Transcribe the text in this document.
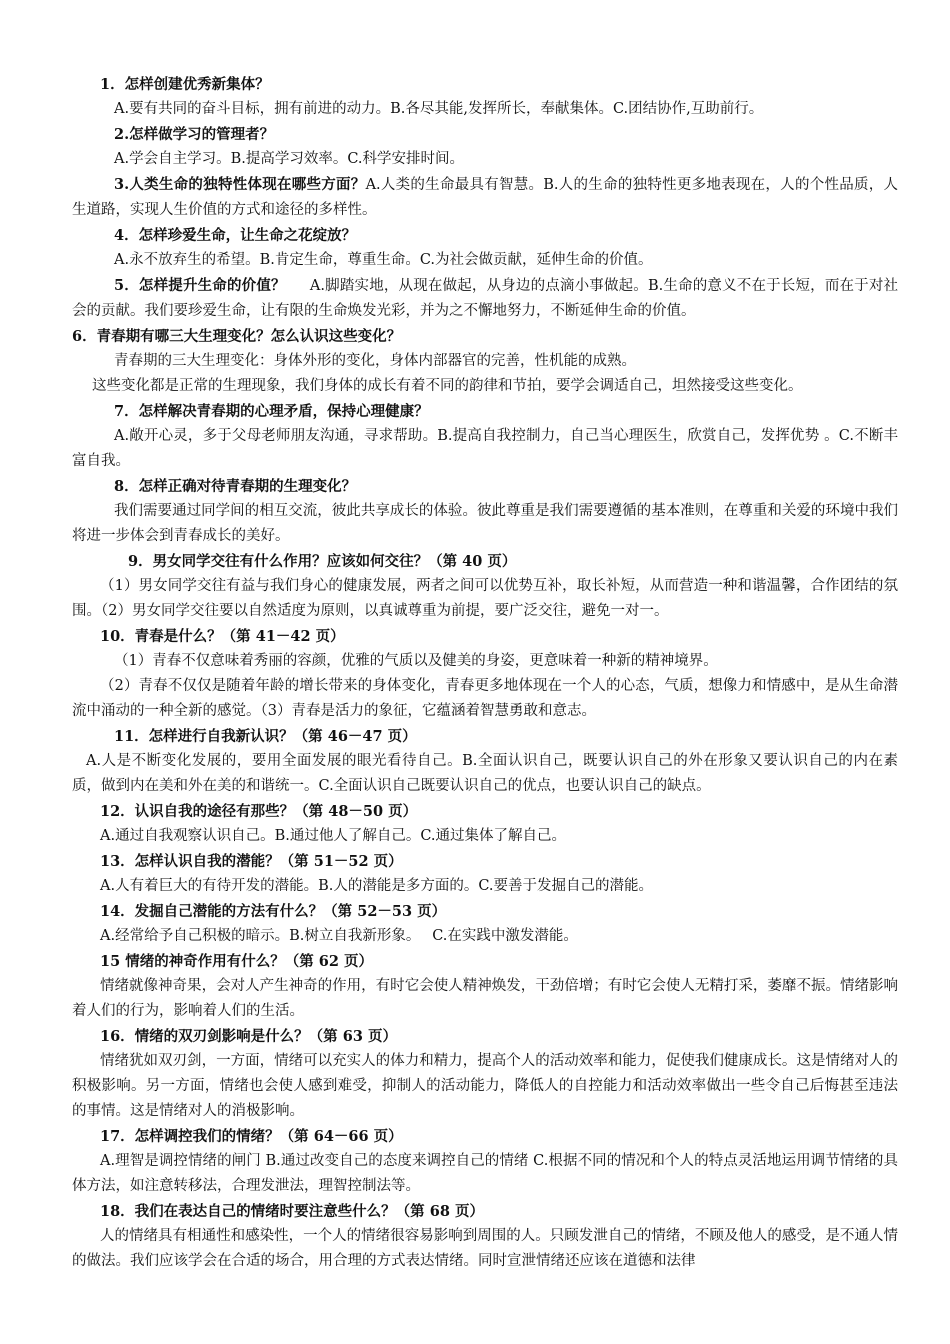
1．怎样创建优秀新集体？

A.要有共同的奋斗目标，拥有前进的动力。B.各尽其能,发挥所长，奉献集体。C.团结协作,互助前行。

2.怎样做学习的管理者？

A.学会自主学习。B.提高学习效率。C.科学安排时间。

3.人类生命的独特性体现在哪些方面？A.人类的生命最具有智慧。B.人的生命的独特性更多地表现在，人的个性品质，人生道路，实现人生价值的方式和途径的多样性。

4．怎样珍爱生命，让生命之花绽放？

A.永不放弃生的希望。B.肯定生命，尊重生命。C.为社会做贡献，延伸生命的价值。

5．怎样提升生命的价值？　 A.脚踏实地，从现在做起，从身边的点滴小事做起。B.生命的意义不在于长短，而在于对社会的贡献。我们要珍爱生命，让有限的生命焕发光彩，并为之不懈地努力，不断延伸生命的价值。

6．青春期有哪三大生理变化？怎么认识这些变化？

青春期的三大生理变化：身体外形的变化，身体内部器官的完善，性机能的成熟。

这些变化都是正常的生理现象，我们身体的成长有着不同的韵律和节拍，要学会调适自己，坦然接受这些变化。

7．怎样解决青春期的心理矛盾，保持心理健康？

A.敞开心灵，多于父母老师朋友沟通，寻求帮助。B.提高自我控制力，自己当心理医生，欣赏自己，发挥优势 。C.不断丰富自我。

8．怎样正确对待青春期的生理变化？

我们需要通过同学间的相互交流，彼此共享成长的体验。彼此尊重是我们需要遵循的基本准则，在尊重和关爱的环境中我们将进一步体会到青春成长的美好。

9．男女同学交往有什么作用？应该如何交往？（第 40 页）

（1）男女同学交往有益与我们身心的健康发展，两者之间可以优势互补，取长补短，从而营造一种和谐温馨，合作团结的氛围。（2）男女同学交往要以自然适度为原则，以真诚尊重为前提，要广泛交往，避免一对一。

10．青春是什么？（第 41－42 页）

（1）青春不仅意味着秀丽的容颜，优雅的气质以及健美的身姿，更意味着一种新的精神境界。

（2）青春不仅仅是随着年龄的增长带来的身体变化，青春更多地体现在一个人的心态，气质，想像力和情感中，是从生命潜流中涌动的一种全新的感觉。（3）青春是活力的象征，它蕴涵着智慧勇敢和意志。

11．怎样进行自我新认识？（第 46－47 页）

A.人是不断变化发展的，要用全面发展的眼光看待自己。B.全面认识自己，既要认识自己的外在形象又要认识自己的内在素质，做到内在美和外在美的和谐统一。C.全面认识自己既要认识自己的优点，也要认识自己的缺点。

12．认识自我的途径有那些？（第 48－50 页）

A.通过自我观察认识自己。B.通过他人了解自己。C.通过集体了解自己。

13．怎样认识自我的潜能？（第 51－52 页）

A.人有着巨大的有待开发的潜能。B.人的潜能是多方面的。C.要善于发掘自己的潜能。

14．发掘自己潜能的方法有什么？（第 52－53 页）

A.经常给予自己积极的暗示。B.树立自我新形象。　 C.在实践中激发潜能。

15 情绪的神奇作用有什么？（第 62 页）

情绪就像神奇果，会对人产生神奇的作用，有时它会使人精神焕发，干劲倍增；有时它会使人无精打采，萎靡不振。情绪影响着人们的行为，影响着人们的生活。

16．情绪的双刃剑影响是什么？（第 63 页）

情绪犹如双刃剑，一方面，情绪可以充实人的体力和精力，提高个人的活动效率和能力，促使我们健康成长。这是情绪对人的积极影响。另一方面，情绪也会使人感到难受，抑制人的活动能力，降低人的自控能力和活动效率做出一些令自己后悔甚至违法的事情。这是情绪对人的消极影响。

17．怎样调控我们的情绪？（第 64－66 页）

A.理智是调控情绪的闸门 B.通过改变自己的态度来调控自己的情绪 C.根据不同的情况和个人的特点灵活地运用调节情绪的具体方法，如注意转移法，合理发泄法，理智控制法等。

18．我们在表达自己的情绪时要注意些什么？（第 68 页）

人的情绪具有相通性和感染性，一个人的情绪很容易影响到周围的人。只顾发泄自己的情绪，不顾及他人的感受，是不通人情的做法。我们应该学会在合适的场合，用合理的方式表达情绪。同时宣泄情绪还应该在道德和法律
